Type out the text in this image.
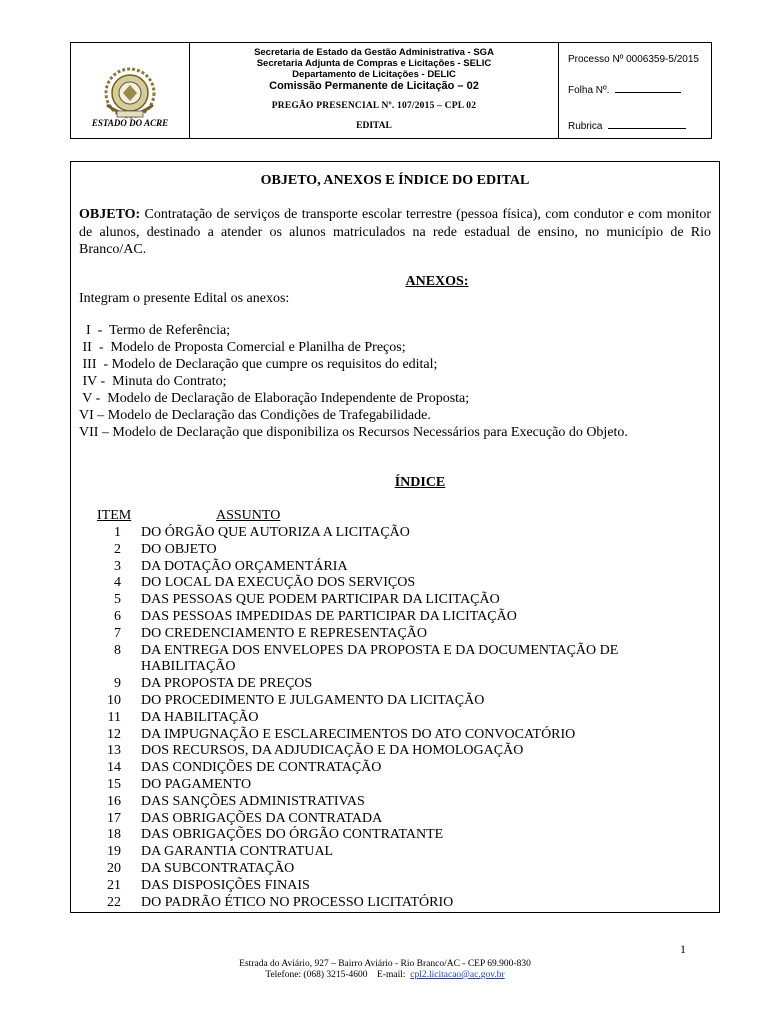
ESTADO DO ACRE
Secretaria de Estado da Gestão Administrativa - SGA
Secretaria Adjunta de Compras e Licitações - SELIC
Departamento de Licitações - DELIC
Comissão Permanente de Licitação – 02
PREGÃO PRESENCIAL Nº. 107/2015 – CPL 02
EDITAL
Processo Nº 0006359-5/2015
Folha Nº.
Rubrica
OBJETO, ANEXOS E ÍNDICE DO EDITAL
OBJETO: Contratação de serviços de transporte escolar terrestre (pessoa física), com condutor e com monitor de alunos, destinado a atender os alunos matriculados na rede estadual de ensino, no município de Rio Branco/AC.
ANEXOS:
Integram o presente Edital os anexos:
I  -  Termo de Referência;
II  -  Modelo de Proposta Comercial e Planilha de Preços;
III  - Modelo de Declaração que cumpre os requisitos do edital;
IV -  Minuta do Contrato;
V -  Modelo de Declaração de Elaboração Independente de Proposta;
VI – Modelo de Declaração das Condições de Trafegabilidade.
VII – Modelo de Declaração que disponibiliza os Recursos Necessários para Execução do Objeto.
ÍNDICE
ITEM	ASSUNTO
1	DO ÓRGÃO QUE AUTORIZA A LICITAÇÃO
2	DO OBJETO
3	DA DOTAÇÃO ORÇAMENTÁRIA
4	DO LOCAL DA EXECUÇÃO DOS SERVIÇOS
5	DAS PESSOAS QUE PODEM PARTICIPAR DA LICITAÇÃO
6	DAS PESSOAS IMPEDIDAS DE PARTICIPAR DA LICITAÇÃO
7	DO CREDENCIAMENTO E REPRESENTAÇÃO
8	DA ENTREGA DOS ENVELOPES DA PROPOSTA E DA DOCUMENTAÇÃO DE HABILITAÇÃO
9	DA PROPOSTA DE PREÇOS
10	DO PROCEDIMENTO E JULGAMENTO DA LICITAÇÃO
11	DA HABILITAÇÃO
12	DA IMPUGNAÇÃO E ESCLARECIMENTOS DO ATO CONVOCATÓRIO
13	DOS RECURSOS, DA ADJUDICAÇÃO E DA HOMOLOGAÇÃO
14	DAS CONDIÇÕES DE CONTRATAÇÃO
15	DO PAGAMENTO
16	DAS SANÇÕES ADMINISTRATIVAS
17	DAS OBRIGAÇÕES DA CONTRATADA
18	DAS OBRIGAÇÕES DO ÓRGÃO CONTRATANTE
19	DA GARANTIA CONTRATUAL
20	DA SUBCONTRATAÇÃO
21	DAS DISPOSIÇÕES FINAIS
22	DO PADRÃO ÉTICO NO PROCESSO LICITATÓRIO
1
Estrada do Aviário, 927 – Bairro Aviário - Rio Branco/AC - CEP 69.900-830
Telefone: (068) 3215-4600    E-mail: cpl2.licitacao@ac.gov.br
